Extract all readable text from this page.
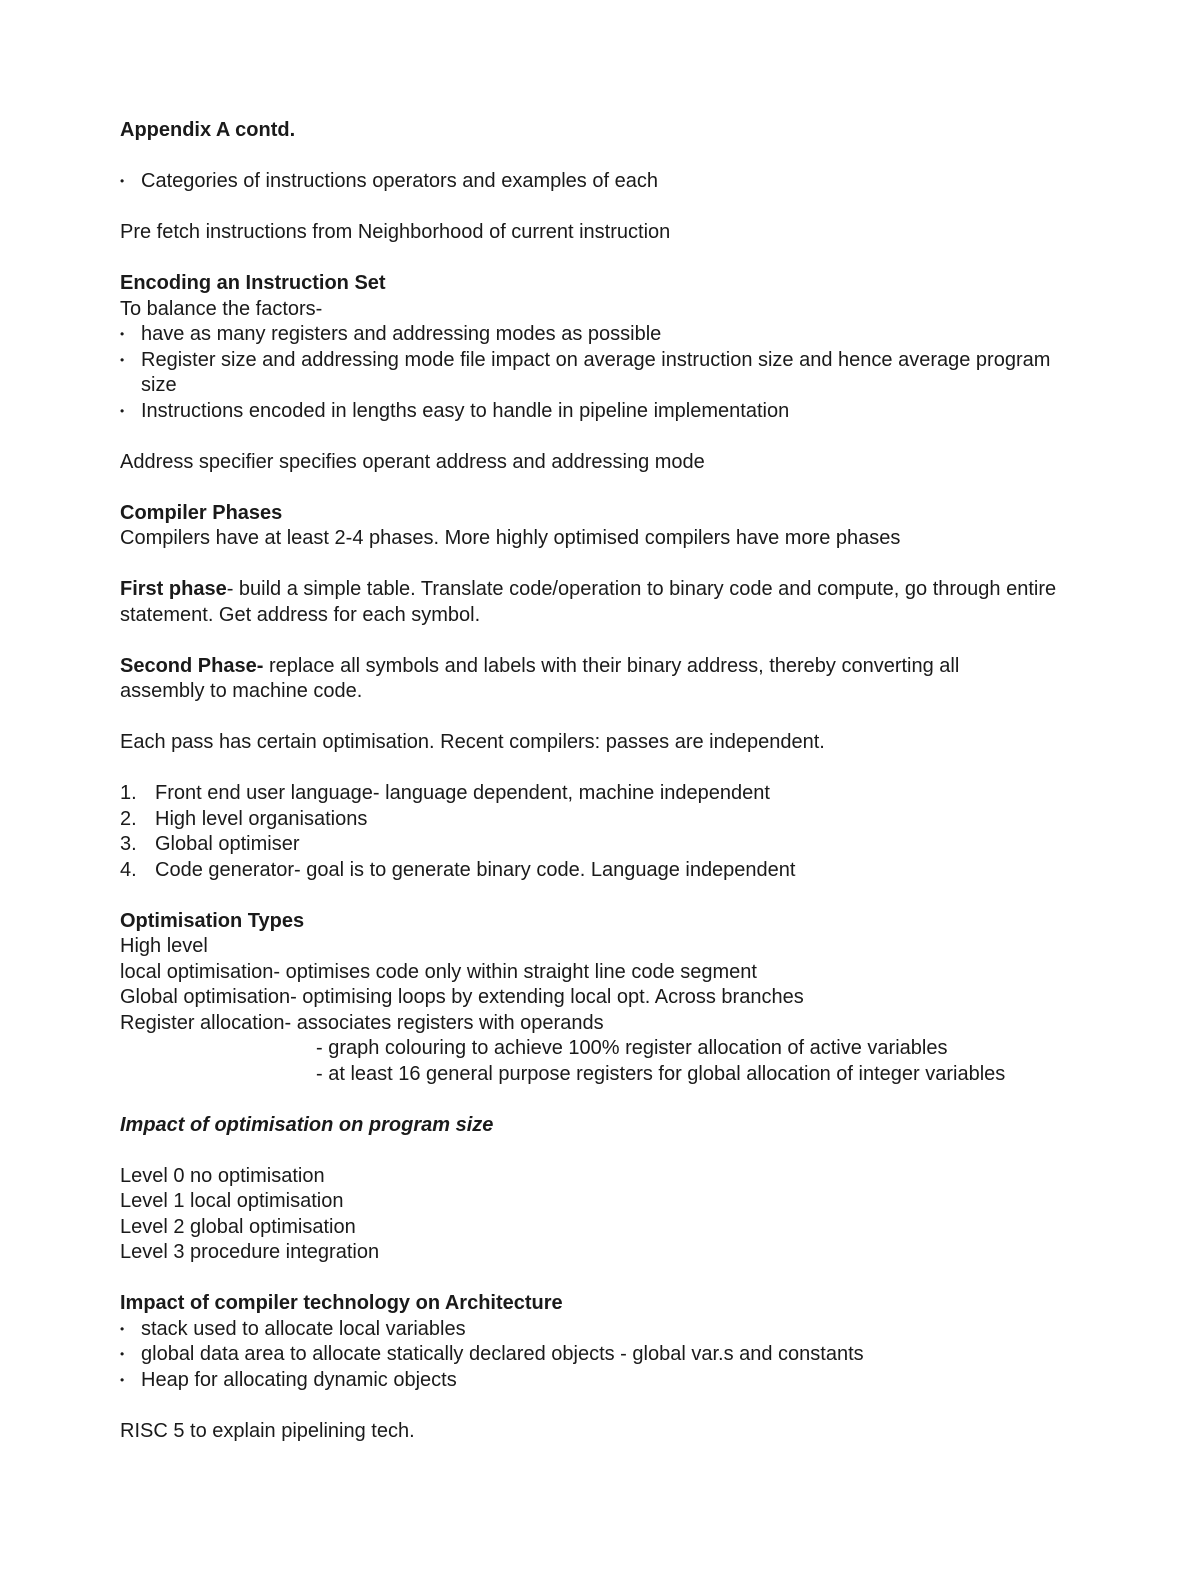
Appendix A contd.
• Categories of instructions operators and examples of each
Pre fetch instructions from Neighborhood of current instruction
Encoding an Instruction Set
To balance the factors-
• have as many registers and addressing modes as possible
• Register size and addressing mode file impact on average instruction size and hence average program size
• Instructions encoded in lengths easy to handle in pipeline implementation
Address specifier specifies operant address and addressing mode
Compiler Phases
Compilers have at least 2-4 phases. More highly optimised compilers have more phases
First phase- build a simple table. Translate code/operation to binary code and compute, go through entire statement. Get address for each symbol.
Second Phase- replace all symbols and labels with their binary address, thereby converting all assembly to machine code.
Each pass has certain optimisation. Recent compilers: passes are independent.
1. Front end user language- language dependent, machine independent
2. High level organisations
3. Global optimiser
4. Code generator- goal is to generate binary code. Language independent
Optimisation Types
High level
local optimisation- optimises code only within straight line code segment
Global optimisation- optimising loops by extending local opt. Across branches
Register allocation- associates registers with operands
- graph colouring to achieve 100% register allocation of active variables
- at least 16 general purpose registers for global allocation of integer variables
Impact of optimisation on program size
Level 0 no optimisation
Level 1 local optimisation
Level 2 global optimisation
Level 3 procedure integration
Impact of compiler technology on Architecture
• stack used to allocate local variables
• global data area to allocate statically declared objects - global var.s and constants
• Heap for allocating dynamic objects
RISC 5 to explain pipelining tech.
